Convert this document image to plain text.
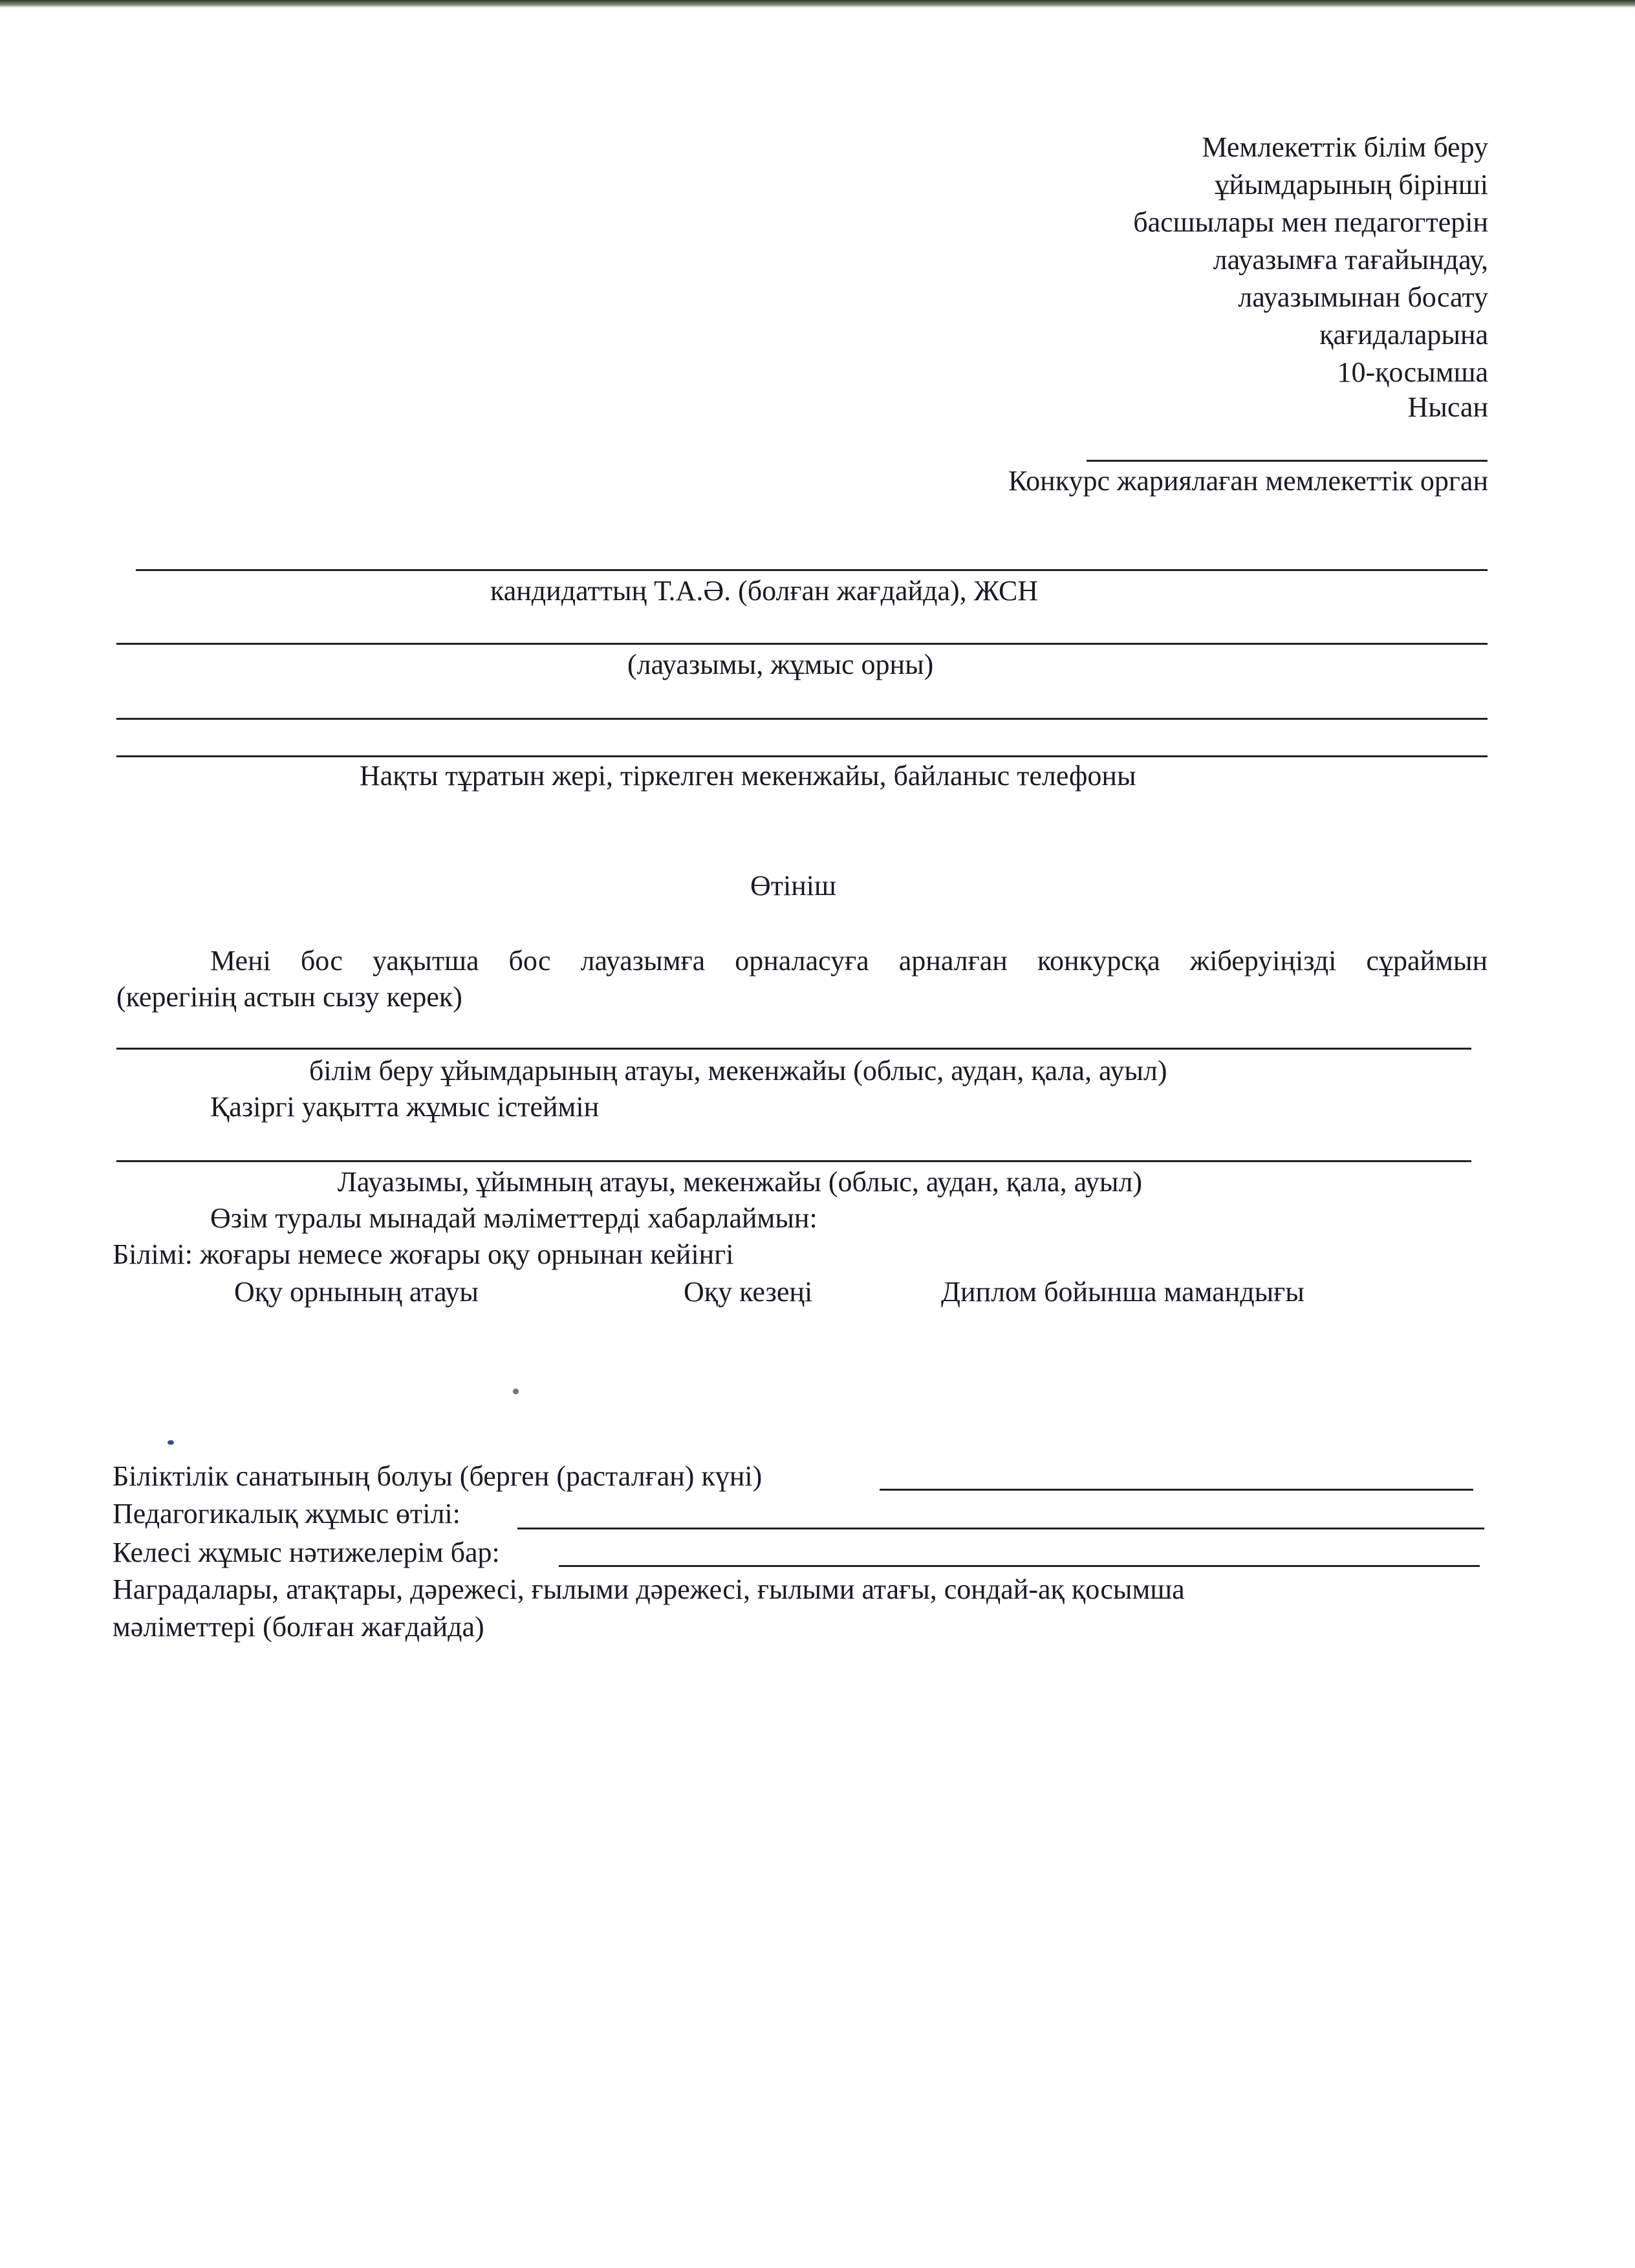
Мемлекеттік білім беру
ұйымдарының бірінші
басшылары мен педагогтерін
лауазымға тағайындау,
лауазымынан босату
қағидаларына
10-қосымша
Нысан
Конкурс жариялаған мемлекеттік орган
кандидаттың Т.А.Ә. (болған жағдайда), ЖСН
(лауазымы, жұмыс орны)
Нақты тұратын жері, тіркелген мекенжайы, байланыс телефоны
Өтініш
Мені бос уақытша бос лауазымға орналасуға арналған конкурсқа жіберуіңізді сұраймын
(керегінің астын сызу керек)
білім беру ұйымдарының атауы, мекенжайы (облыс, аудан, қала, ауыл)
Қазіргі уақытта жұмыс істеймін
Лауазымы, ұйымның атауы, мекенжайы (облыс, аудан, қала, ауыл)
Өзім туралы мынадай мәліметтерді хабарлаймын:
Білімі: жоғары немесе жоғары оқу орнынан кейінгі
Оқу орнының атауы	Оқу кезеңі	Диплом бойынша мамандығы
Біліктілік санатының болуы (берген (расталған) күні)
Педагогикалық жұмыс өтілі:
Келесі жұмыс нәтижелерім бар:
Наградалары, атақтары, дәрежесі, ғылыми дәрежесі, ғылыми атағы, сондай-ақ қосымша
мәліметтері (болған жағдайда)
